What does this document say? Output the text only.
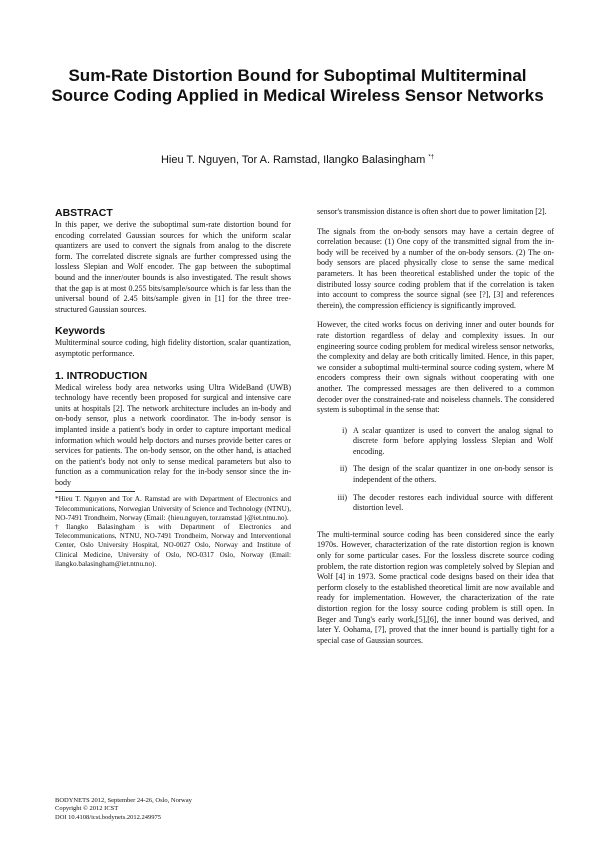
Sum-Rate Distortion Bound for Suboptimal Multiterminal Source Coding Applied in Medical Wireless Sensor Networks
Hieu T. Nguyen, Tor A. Ramstad, Ilangko Balasingham *†
ABSTRACT

In this paper, we derive the suboptimal sum-rate distortion bound for encoding correlated Gaussian sources for which the uniform scalar quantizers are used to convert the signals from analog to the discrete form. The correlated discrete signals are further compressed using the lossless Slepian and Wolf encoder. The gap between the suboptimal bound and the inner/outer bounds is also investigated. The result shows that the gap is at most 0.255 bits/sample/source which is far less than the universal bound of 2.45 bits/sample given in [1] for the three tree-structured Gaussian sources.

Keywords

Multiterminal source coding, high fidelity distortion, scalar quantization, asymptotic performance.

1. INTRODUCTION

Medical wireless body area networks using Ultra WideBand (UWB) technology have recently been proposed for surgical and intensive care units at hospitals [2]. The network architecture includes an in-body and on-body sensor, plus a network coordinator. The in-body sensor is implanted inside a patient's body in order to capture important medical information which would help doctors and nurses provide better cares or services for patients. The on-body sensor, on the other hand, is attached on the patient's body not only to sense medical parameters but also to function as a communication relay for the in-body sensor since the in-body

*Hieu T. Nguyen and Tor A. Ramstad are with Department of Electronics and Telecommunications, Norwegian University of Science and Technology (NTNU), NO-7491 Trondheim, Norway (Email: {hieu.nguyen, tor.ramstad }@iet.ntnu.no).

†Ilangko Balasingham is with Department of Electronics and Telecommunications, NTNU, NO-7491 Trondheim, Norway and Interventional Center, Oslo University Hospital, NO-0027 Oslo, Norway and Institute of Clinical Medicine, University of Oslo, NO-0317 Oslo, Norway (Email: ilangko.balasingham@iet.ntnu.no).

sensor's transmission distance is often short due to power limitation [2].

The signals from the on-body sensors may have a certain degree of correlation because: (1) One copy of the transmitted signal from the in-body will be received by a number of the on-body sensors. (2) The on-body sensors are placed physically close to sense the same medical parameters. It has been theoretical established under the topic of the distributed lossy source coding problem that if the correlation is taken into account to compress the source signal (see [?], [3] and references therein), the compression efficiency is significantly improved.

However, the cited works focus on deriving inner and outer bounds for rate distortion regardless of delay and complexity issues. In our engineering source coding problem for medical wireless sensor networks, the complexity and delay are both critically limited. Hence, in this paper, we consider a suboptimal multi-terminal source coding system, where M encoders compress their own signals without cooperating with one another. The compressed messages are then delivered to a common decoder over the constrained-rate and noiseless channels. The considered system is suboptimal in the sense that:

i) A scalar quantizer is used to convert the analog signal to discrete form before applying lossless Slepian and Wolf encoding.
ii) The design of the scalar quantizer in one on-body sensor is independent of the others.
iii) The decoder restores each individual source with different distortion level.

The multi-terminal source coding has been considered since the early 1970s. However, characterization of the rate distortion region is known only for some particular cases. For the lossless discrete source coding problem, the rate distortion region was completely solved by Slepian and Wolf [4] in 1973. Some practical code designs based on their idea that perform closely to the established theoretical limit are now available and ready for implementation. However, the characterization of the rate distortion region for the lossy source coding problem is still open. In Beger and Tung's early work,[5],[6], the inner bound was derived, and later Y. Oohama, [7], proved that the inner bound is partially tight for a special case of Gaussian sources.

BODYNETS 2012, September 24-26, Oslo, Norway
Copyright © 2012 ICST
DOI 10.4108/icst.bodynets.2012.249975
